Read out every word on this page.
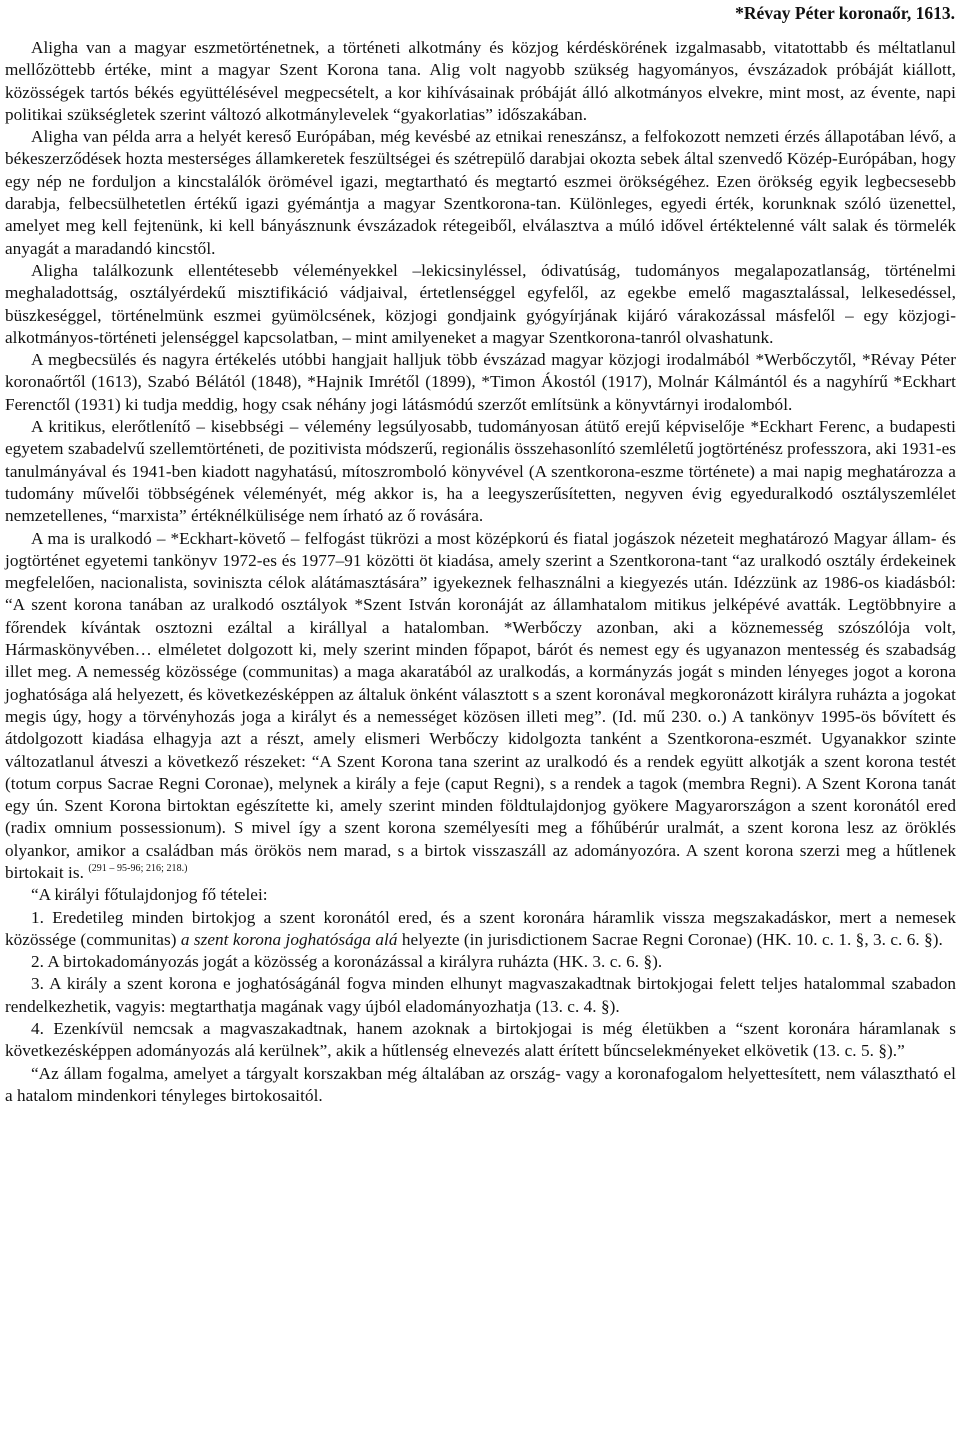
*Révay Péter koronaőr, 1613.

Aligha van a magyar eszmetörténetnek, a történeti alkotmány és közjog kérdéskörének izgalmasabb, vitatottabb és méltatlanul mellőzöttebb értéke, mint a magyar Szent Korona tana. Alig volt nagyobb szükség hagyományos, évszázadok próbáját kiállott, közösségek tartós békés együttélésével megpecsételt, a kor kihívásainak próbáját álló alkotmányos elvekre, mint most, az évente, napi politikai szükségletek szerint változó alkotmánylevelek “gyakorlatias” időszakában.

Aligha van példa arra a helyét kereső Európában, még kevésbé az etnikai reneszánsz, a felfokozott nemzeti érzés állapotában lévő, a békeszerződések hozta mesterséges államkeretek feszültségei és szétrepülő darabjai okozta sebek által szenvedő Közép-Európában, hogy egy nép ne forduljon a kincstalálók örömével igazi, megtartható és megtartó eszmei örökségéhez. Ezen örökség egyik legbecsesebb darabja, felbecsülhetetlen értékű igazi gyémántja a magyar Szentkorona-tan. Különleges, egyedi érték, korunknak szóló üzenettel, amelyet meg kell fejtenünk, ki kell bányásznunk évszázadok rétegeiből, elválasztva a múló idővel értéktelenné vált salak és törmelék anyagát a maradandó kincstől.

Aligha találkozunk ellentétesebb véleményekkel –lekicsinyléssel, ódivatúság, tudományos megalapozatlanság, történelmi meghaladottság, osztályérdekű misztifikáció vádjaival, értetlenséggel egyfelől, az egekbe emelő magasztalással, lelkesedéssel, büszkeséggel, történelmünk eszmei gyümölcsének, közjogi gondjaink gyógyírjának kijáró várakozással másfelől – egy közjogi-alkotmányos-történeti jelenséggel kapcsolatban, – mint amilyeneket a magyar Szentkorona-tanról olvashatunk.

A megbecsülés és nagyra értékelés utóbbi hangjait halljuk több évszázad magyar közjogi irodalmából *Werbőczytől, *Révay Péter koronaőrtől (1613), Szabó Bélától (1848), *Hajnik Imrétől (1899), *Timon Ákostól (1917), Molnár Kálmántól és a nagyhírű *Eckhart Ferenctől (1931) ki tudja meddig, hogy csak néhány jogi látásmódú szerzőt említsünk a könyvtárnyi irodalomból.

A kritikus, elerőtlenítő – kisebbségi – vélemény legsúlyosabb, tudományosan átütő erejű képviselője *Eckhart Ferenc, a budapesti egyetem szabadelvű szellemtörténeti, de pozitivista módszerű, regionális összehasonlító szemléletű jogtörténész professzora, aki 1931-es tanulmányával és 1941-ben kiadott nagyhatású, mítoszromboló könyvével (A szentkorona-eszme története) a mai napig meghatározza a tudomány művelői többségének véleményét, még akkor is, ha a leegyszerűsítetten, negyven évig egyeduralkodó osztályszemlélet nemzetellenes, “marxista” értéknélkülisége nem írható az ő rovására.

A ma is uralkodó – *Eckhart-követő – felfogást tükrözi a most középkorú és fiatal jogászok nézeteit meghatározó Magyar állam- és jogtörténet egyetemi tankönyv 1972-es és 1977–91 közötti öt kiadása, amely szerint a Szentkorona-tant “az uralkodó osztály érdekeinek megfelelően, nacionalista, soviniszta célok alátámasztására” igyekeznek felhasználni a kiegyezés után. Idézzünk az 1986-os kiadásból: “A szent korona tanában az uralkodó osztályok *Szent István koronáját az államhatalom mitikus jelképévé avatták. Legtöbbnyire a főrendek kívántak osztozni ezáltal a királlyal a hatalomban. *Werbőczy azonban, aki a köznemesség szószólója volt, Hármaskönyvében… elméletet dolgozott ki, mely szerint minden főpapot, bárót és nemest egy és ugyanazon mentesség és szabadság illet meg. A nemesség közössége (communitas) a maga akaratából az uralkodás, a kormányzás jogát s minden lényeges jogot a korona joghatósága alá helyezett, és következésképpen az általuk önként választott s a szent koronával megkoronázott királyra ruházta a jogokat megis úgy, hogy a törvényhozás joga a királyt és a nemességet közösen illeti meg”. (Id. mű 230. o.) A tankönyv 1995-ös bővített és átdolgozott kiadása elhagyja azt a részt, amely elismeri Werbőczy kidolgozta tanként a Szentkorona-eszmét. Ugyanakkor szinte változatlanul átveszi a következő részeket: “A Szent Korona tana szerint az uralkodó és a rendek együtt alkotják a szent korona testét (totum corpus Sacrae Regni Coronae), melynek a király a feje (caput Regni), s a rendek a tagok (membra Regni). A Szent Korona tanát egy ún. Szent Korona birtoktan egészítette ki, amely szerint minden földtulajdonjog gyökere Magyarországon a szent koronától ered (radix omnium possessionum). S mivel így a szent korona személyesíti meg a főhűbérúr uralmát, a szent korona lesz az öröklés olyankor, amikor a családban más örökös nem marad, s a birtok visszaszáll az adományozóra. A szent korona szerzi meg a hűtlenek birtokait is. $^{(291 - 95-96; 216; 218.)}$

“A királyi főtulajdonjog fő tételei:

1. Eredetileg minden birtokjog a szent koronától ered, és a szent koronára háramlik vissza megszakadáskor, mert a nemesek közössége (communitas) a szent korona joghatósága alá helyezte (in jurisdictionem Sacrae Regni Coronae) (HK. 10. c. 1. §, 3. c. 6. §).

2. A birtokadományozás jogát a közösség a koronázással a királyra ruházta (HK. 3. c. 6. §).

3. A király a szent korona e joghatóságánál fogva minden elhunyt magvaszakadtnak birtokjogai felett teljes hatalommal szabadon rendelkezhetik, vagyis: megtarthatja magának vagy újból eladományozhatja (13. c. 4. §).

4. Ezenkívül nemcsak a magvaszakadtnak, hanem azoknak a birtokjogai is még életükben a “szent koronára háramlanak s következésképpen adományozás alá kerülnek”, akik a hűtlenség elnevezés alatt érített bűncselekményeket elkövetik (13. c. 5. §).”

“Az állam fogalma, amelyet a tárgyalt korszakban még általában az ország- vagy a koronafogalom helyettesített, nem választható el a hatalom mindenkori tényleges birtokosaitól.
